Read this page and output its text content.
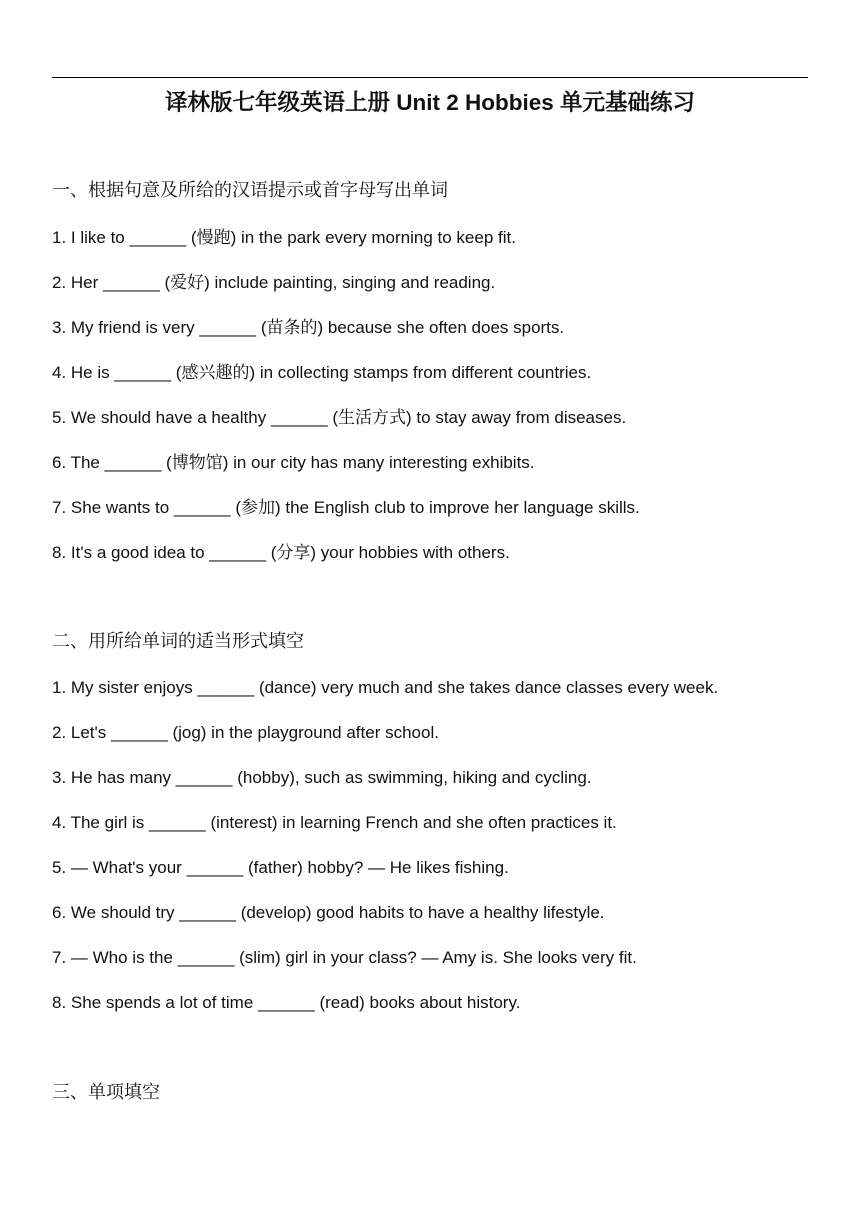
译林版七年级英语上册 Unit 2 Hobbies 单元基础练习
一、根据句意及所给的汉语提示或首字母写出单词
1. I like to ______ (慢跑) in the park every morning to keep fit.
2. Her ______ (爱好) include painting, singing and reading.
3. My friend is very ______ (苗条的) because she often does sports.
4. He is ______ (感兴趣的) in collecting stamps from different countries.
5. We should have a healthy ______ (生活方式) to stay away from diseases.
6. The ______ (博物馆) in our city has many interesting exhibits.
7. She wants to ______ (参加) the English club to improve her language skills.
8. It's a good idea to ______ (分享) your hobbies with others.
二、用所给单词的适当形式填空
1. My sister enjoys ______ (dance) very much and she takes dance classes every week.
2. Let's ______ (jog) in the playground after school.
3. He has many ______ (hobby), such as swimming, hiking and cycling.
4. The girl is ______ (interest) in learning French and she often practices it.
5. — What's your ______ (father) hobby? — He likes fishing.
6. We should try ______ (develop) good habits to have a healthy lifestyle.
7. — Who is the ______ (slim) girl in your class? — Amy is. She looks very fit.
8. She spends a lot of time ______ (read) books about history.
三、单项填空
